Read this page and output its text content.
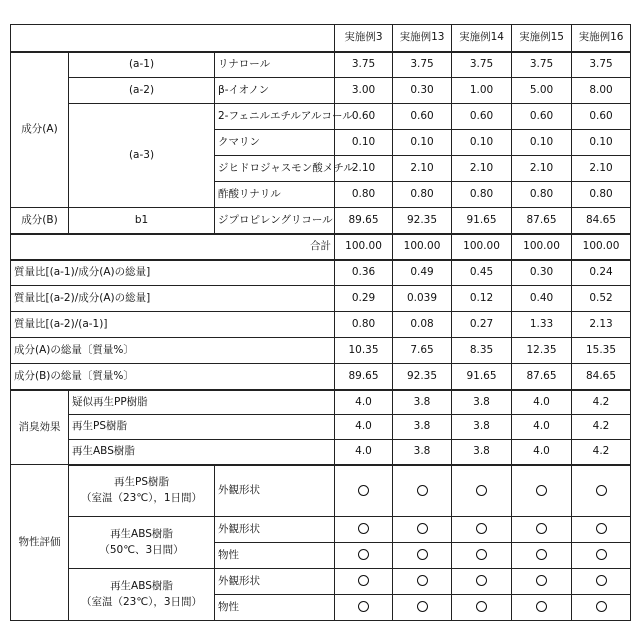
	実施例3	実施例13	実施例14	実施例15	実施例16
成分(A)	(a-1)	リナロール	3.75	3.75	3.75	3.75	3.75
(a-2)	β-イオノン	3.00	0.30	1.00	5.00	8.00
(a-3)	2-フェニルエチルアルコール	0.60	0.60	0.60	0.60	0.60
クマリン	0.10	0.10	0.10	0.10	0.10
ジヒドロジャスモン酸メチル	2.10	2.10	2.10	2.10	2.10
酢酸リナリル	0.80	0.80	0.80	0.80	0.80
成分(B)	b1	ジプロピレングリコール	89.65	92.35	91.65	87.65	84.65
合計	100.00	100.00	100.00	100.00	100.00
質量比[(a-1)/成分(A)の総量]	0.36	0.49	0.45	0.30	0.24
質量比[(a-2)/成分(A)の総量]	0.29	0.039	0.12	0.40	0.52
質量比[(a-2)/(a-1)]	0.80	0.08	0.27	1.33	2.13
成分(A)の総量〔質量%〕	10.35	7.65	8.35	12.35	15.35
成分(B)の総量〔質量%〕	89.65	92.35	91.65	87.65	84.65
消臭効果	疑似再生PP樹脂	4.0	3.8	3.8	4.0	4.2
再生PS樹脂	4.0	3.8	3.8	4.0	4.2
再生ABS樹脂	4.0	3.8	3.8	4.0	4.2
物性評価	再生PS樹脂
（室温（23℃），1日間）	外観形状					
再生ABS樹脂
（50℃、3日間）	外観形状					
物性					
再生ABS樹脂
（室温（23℃），3日間）	外観形状					
物性					
